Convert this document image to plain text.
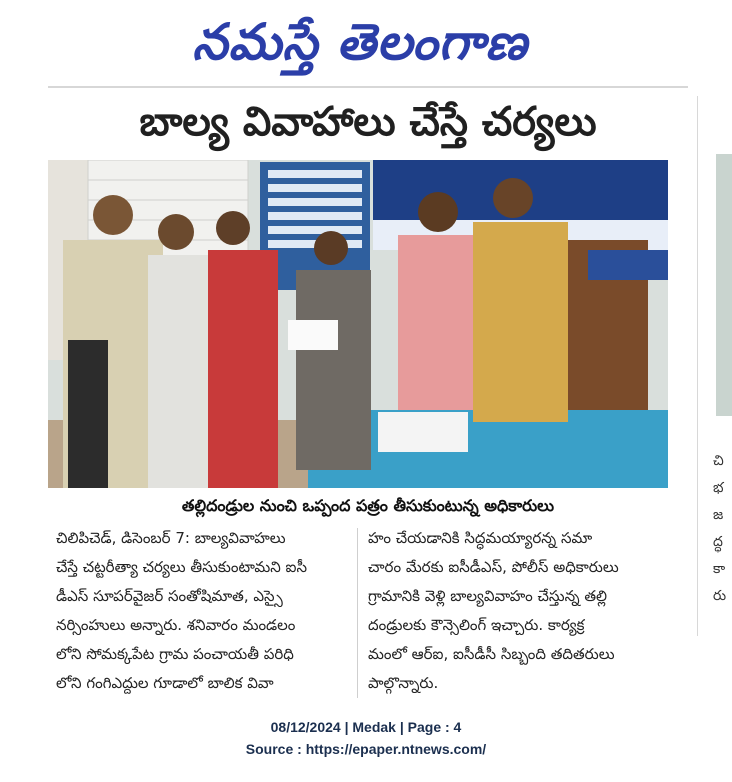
నమస్తే తెలంగాణ
బాల్య వివాహాలు చేస్తే చర్యలు
తల్లిదండ్రుల నుంచి ఒప్పంద పత్రం తీసుకుంటున్న అధికారులు

చిలిపిచెడ్, డిసెంబర్ 7: బాల్యవివాహలు

చేస్తే చట్టరీత్యా చర్యలు తీసుకుంటామని ఐసీ

డీఎస్ సూపర్‌వైజర్ సంతోషిమాత, ఎస్సై

నర్సింహులు అన్నారు. శనివారం మండలం

లోని సోమక్కపేట గ్రామ పంచాయతీ పరిధి

లోని గంగిఎద్దుల గూడాలో బాలిక వివా

హం చేయడానికి సిద్ధమయ్యారన్న సమా

చారం మేరకు ఐసీడీఎస్, పోలీస్ అధికారులు

గ్రామానికి వెళ్లి బాల్యవివాహం చేస్తున్న తల్లి

దండ్రులకు కౌన్సెలింగ్ ఇచ్చారు. కార్యక్ర

మంలో ఆర్ఐ, ఐసీడీసీ సిబ్బంది తదితరులు

పాల్గొన్నారు.

చి
భ
జ
ద్ధ
కా
రు
08/12/2024 | Medak | Page : 4
Source : https://epaper.ntnews.com/
